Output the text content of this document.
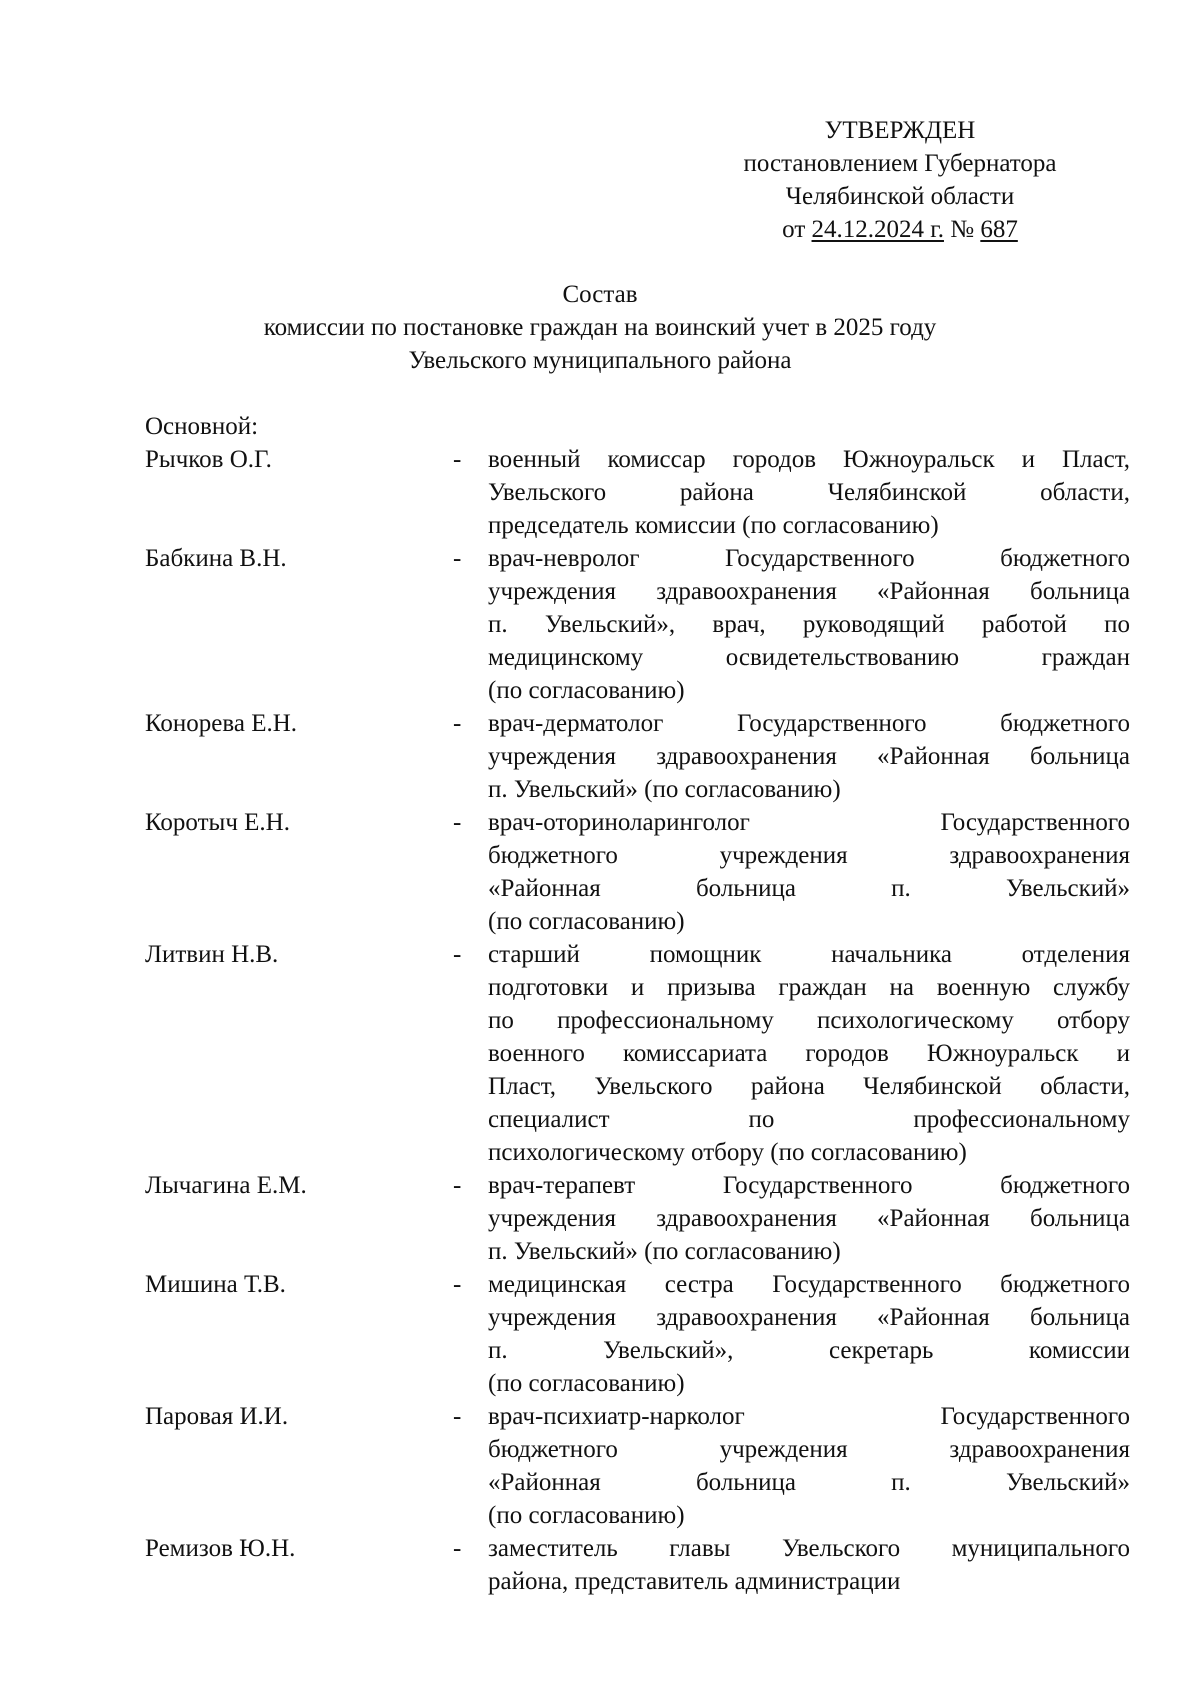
УТВЕРЖДЕН
постановлением Губернатора
Челябинской области
от 24.12.2024 г. № 687
Состав
комиссии по постановке граждан на воинский учет в 2025 году
Увельского муниципального района
Основной:
Рычков О.Г.	-	военный комиссар городов Южноуральск и Пласт,
Увельского района Челябинской области,
председатель комиссии (по согласованию)
Бабкина В.Н.	-	врач-невролог Государственного бюджетного
учреждения здравоохранения «Районная больница
п. Увельский», врач, руководящий работой по
медицинскому освидетельствованию граждан
(по согласованию)
Конорева Е.Н.	-	врач-дерматолог Государственного бюджетного
учреждения здравоохранения «Районная больница
п. Увельский» (по согласованию)
Коротыч Е.Н.	-	врач-оториноларинголог Государственного
бюджетного учреждения здравоохранения
«Районная больница п. Увельский»
(по согласованию)
Литвин Н.В.	-	старший помощник начальника отделения
подготовки и призыва граждан на военную службу
по профессиональному психологическому отбору
военного комиссариата городов Южноуральск и
Пласт, Увельского района Челябинской области,
специалист по профессиональному
психологическому отбору (по согласованию)
Лычагина Е.М.	-	врач-терапевт Государственного бюджетного
учреждения здравоохранения «Районная больница
п. Увельский» (по согласованию)
Мишина Т.В.	-	медицинская сестра Государственного бюджетного
учреждения здравоохранения «Районная больница
п. Увельский», секретарь комиссии
(по согласованию)
Паровая И.И.	-	врач-психиатр-нарколог Государственного
бюджетного учреждения здравоохранения
«Районная больница п. Увельский»
(по согласованию)
Ремизов Ю.Н.	-	заместитель главы Увельского муниципального
района, представитель администрации
